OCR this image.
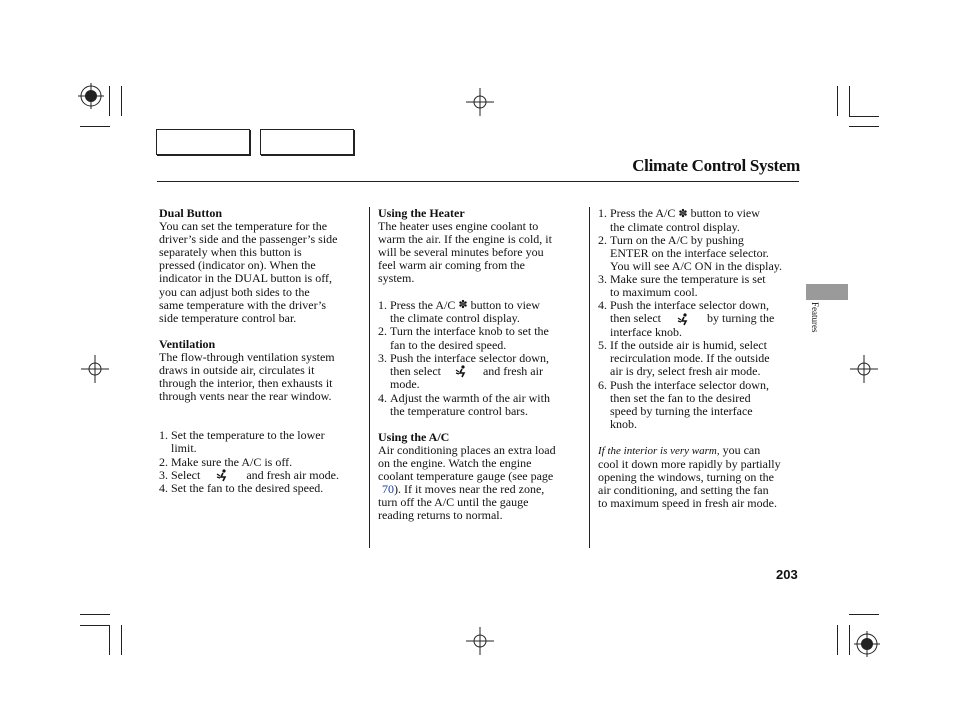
Climate Control System
Features

Dual Button

You can set the temperature for the

driver’s side and the passenger’s side

separately when this button is

pressed (indicator on). When the

indicator in the DUAL button is off,

you can adjust both sides to the

same temperature with the driver’s

side temperature control bar.

Ventilation

The flow-through ventilation system

draws in outside air, circulates it

through the interior, then exhausts it

through vents near the rear window.

1. Set the temperature to the lower

limit.

2. Make sure the A/C is off.

3. Select	and fresh air mode.

4. Set the fan to the desired speed.

Using the Heater

The heater uses engine coolant to

warm the air. If the engine is cold, it

will be several minutes before you

feel warm air coming from the

system.

1. Press the A/C ✽ button to view

the climate control display.

2. Turn the interface knob to set the

fan to the desired speed.

3. Push the interface selector down,

then select	and fresh air

mode.

4. Adjust the warmth of the air with

the temperature control bars.

Using the A/C

Air conditioning places an extra load

on the engine. Watch the engine

coolant temperature gauge (see page

70). If it moves near the red zone,

turn off the A/C until the gauge

reading returns to normal.

1. Press the A/C ✽ button to view

the climate control display.

2. Turn on the A/C by pushing

ENTER on the interface selector.

You will see A/C ON in the display.

3. Make sure the temperature is set

to maximum cool.

4. Push the interface selector down,

then select	by turning the

interface knob.

5. If the outside air is humid, select

recirculation mode. If the outside

air is dry, select fresh air mode.

6. Push the interface selector down,

then set the fan to the desired

speed by turning the interface

knob.

If the interior is very warm, you can

cool it down more rapidly by partially

opening the windows, turning on the

air conditioning, and setting the fan

to maximum speed in fresh air mode.

203
